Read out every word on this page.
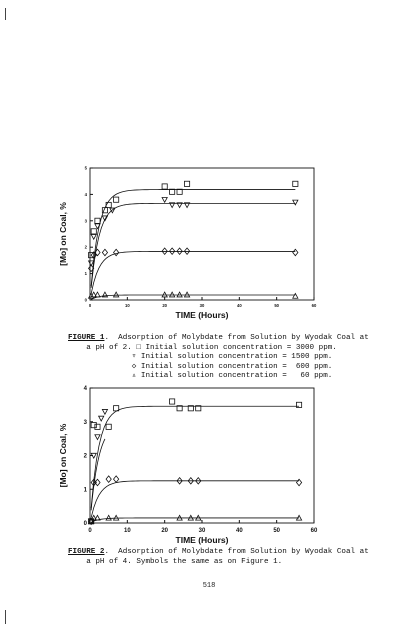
0	10	20	30	40	50	60
0
1
2
3
4
5
TIME (Hours)
[Mo] on Coal, %
0	10	20	30	40	50	60
0
1
2
3
4
TIME (Hours)
[Mo] on Coal, %
FIGURE 1.  Adsorption of Molybdate from Solution by Wyodak Coal at
a pH of 2. □ Initial solution concentration = 3000 ppm.
▿ Initial solution concentration = 1500 ppm.
◇ Initial solution concentration =  600 ppm.
▵ Initial solution concentration =   60 ppm.
FIGURE 2.  Adsorption of Molybdate from Solution by Wyodak Coal at
a pH of 4. Symbols the same as on Figure 1.
518
